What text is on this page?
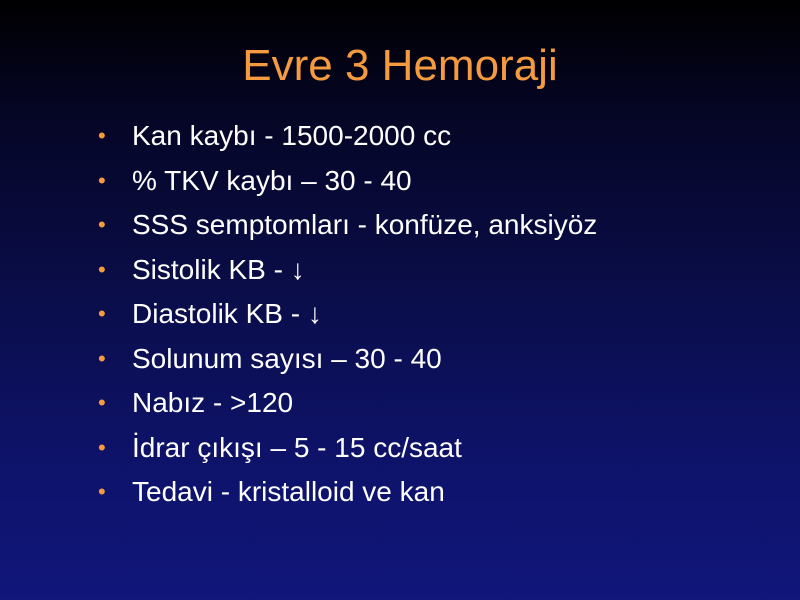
Evre 3 Hemoraji
• Kan kaybı - 1500-2000 cc
• % TKV kaybı – 30 - 40
• SSS semptomları - konfüze, anksiyöz
• Sistolik KB - ↓
• Diastolik KB - ↓
• Solunum sayısı – 30 - 40
• Nabız - >120
• İdrar çıkışı – 5 - 15 cc/saat
• Tedavi - kristalloid ve kan
